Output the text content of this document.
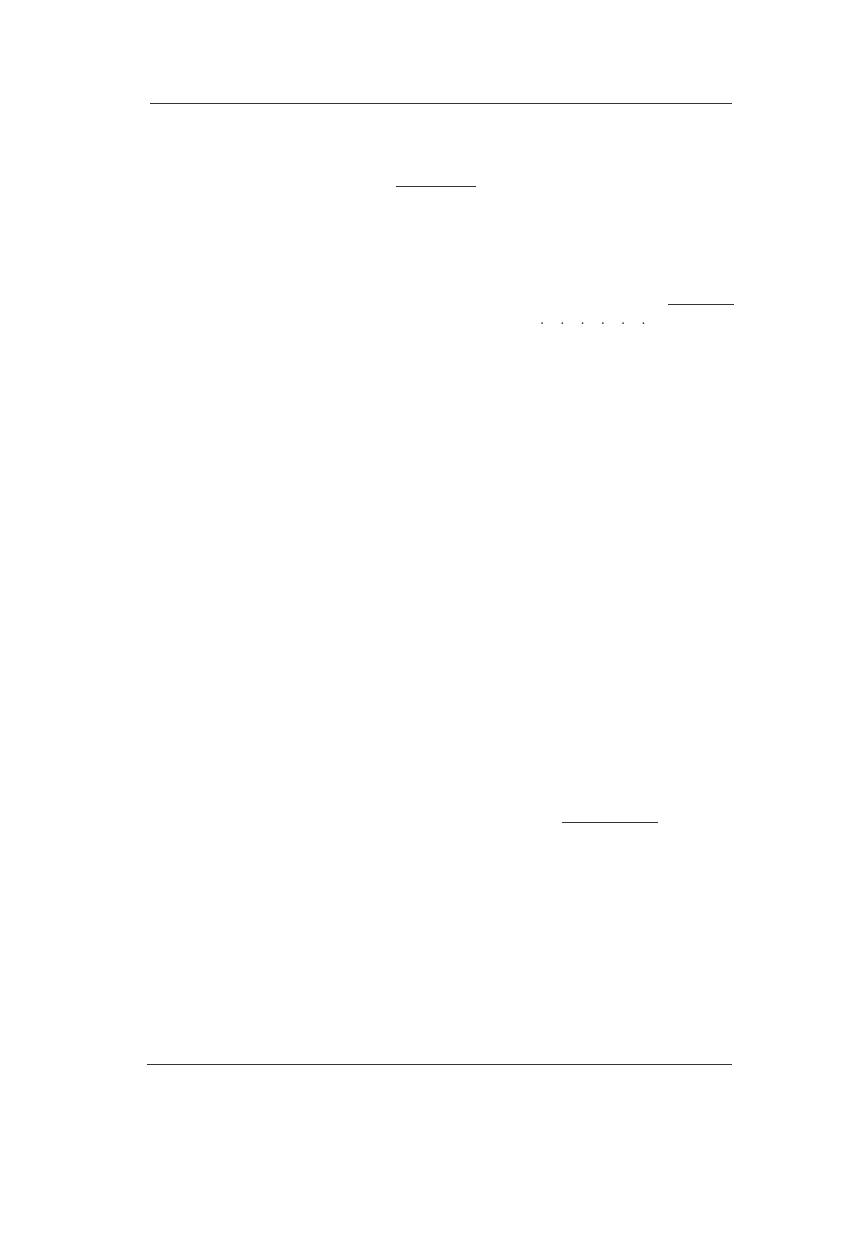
. . . . . .
